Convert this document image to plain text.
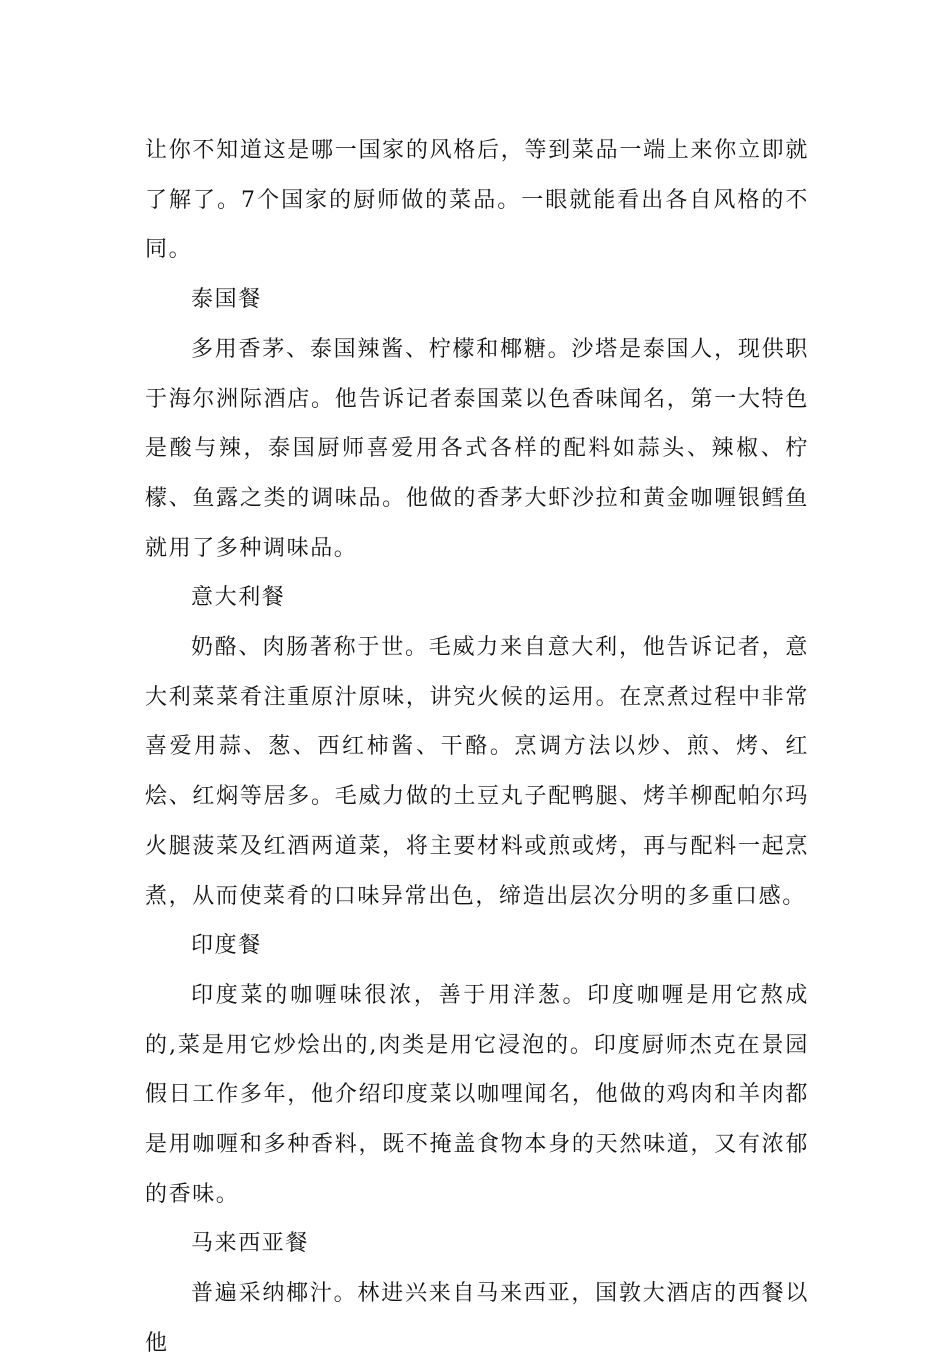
让你不知道这是哪一国家的风格后，等到菜品一端上来你立即就了解了。7个国家的厨师做的菜品。一眼就能看出各自风格的不同。

泰国餐

多用香茅、泰国辣酱、柠檬和椰糖。沙塔是泰国人，现供职于海尔洲际酒店。他告诉记者泰国菜以色香味闻名，第一大特色是酸与辣，泰国厨师喜爱用各式各样的配料如蒜头、辣椒、柠檬、鱼露之类的调味品。他做的香茅大虾沙拉和黄金咖喱银鳕鱼就用了多种调味品。

意大利餐

奶酪、肉肠著称于世。毛威力来自意大利，他告诉记者，意大利菜菜肴注重原汁原味，讲究火候的运用。在烹煮过程中非常喜爱用蒜、葱、西红柿酱、干酪。烹调方法以炒、煎、烤、红烩、红焖等居多。毛威力做的土豆丸子配鸭腿、烤羊柳配帕尔玛火腿菠菜及红酒两道菜，将主要材料或煎或烤，再与配料一起烹煮，从而使菜肴的口味异常出色，缔造出层次分明的多重口感。

印度餐

印度菜的咖喱味很浓，善于用洋葱。印度咖喱是用它熬成的,菜是用它炒烩出的,肉类是用它浸泡的。印度厨师杰克在景园假日工作多年，他介绍印度菜以咖哩闻名，他做的鸡肉和羊肉都是用咖喱和多种香料，既不掩盖食物本身的天然味道，又有浓郁的香味。

马来西亚餐

普遍采纳椰汁。林进兴来自马来西亚，国敦大酒店的西餐以他
